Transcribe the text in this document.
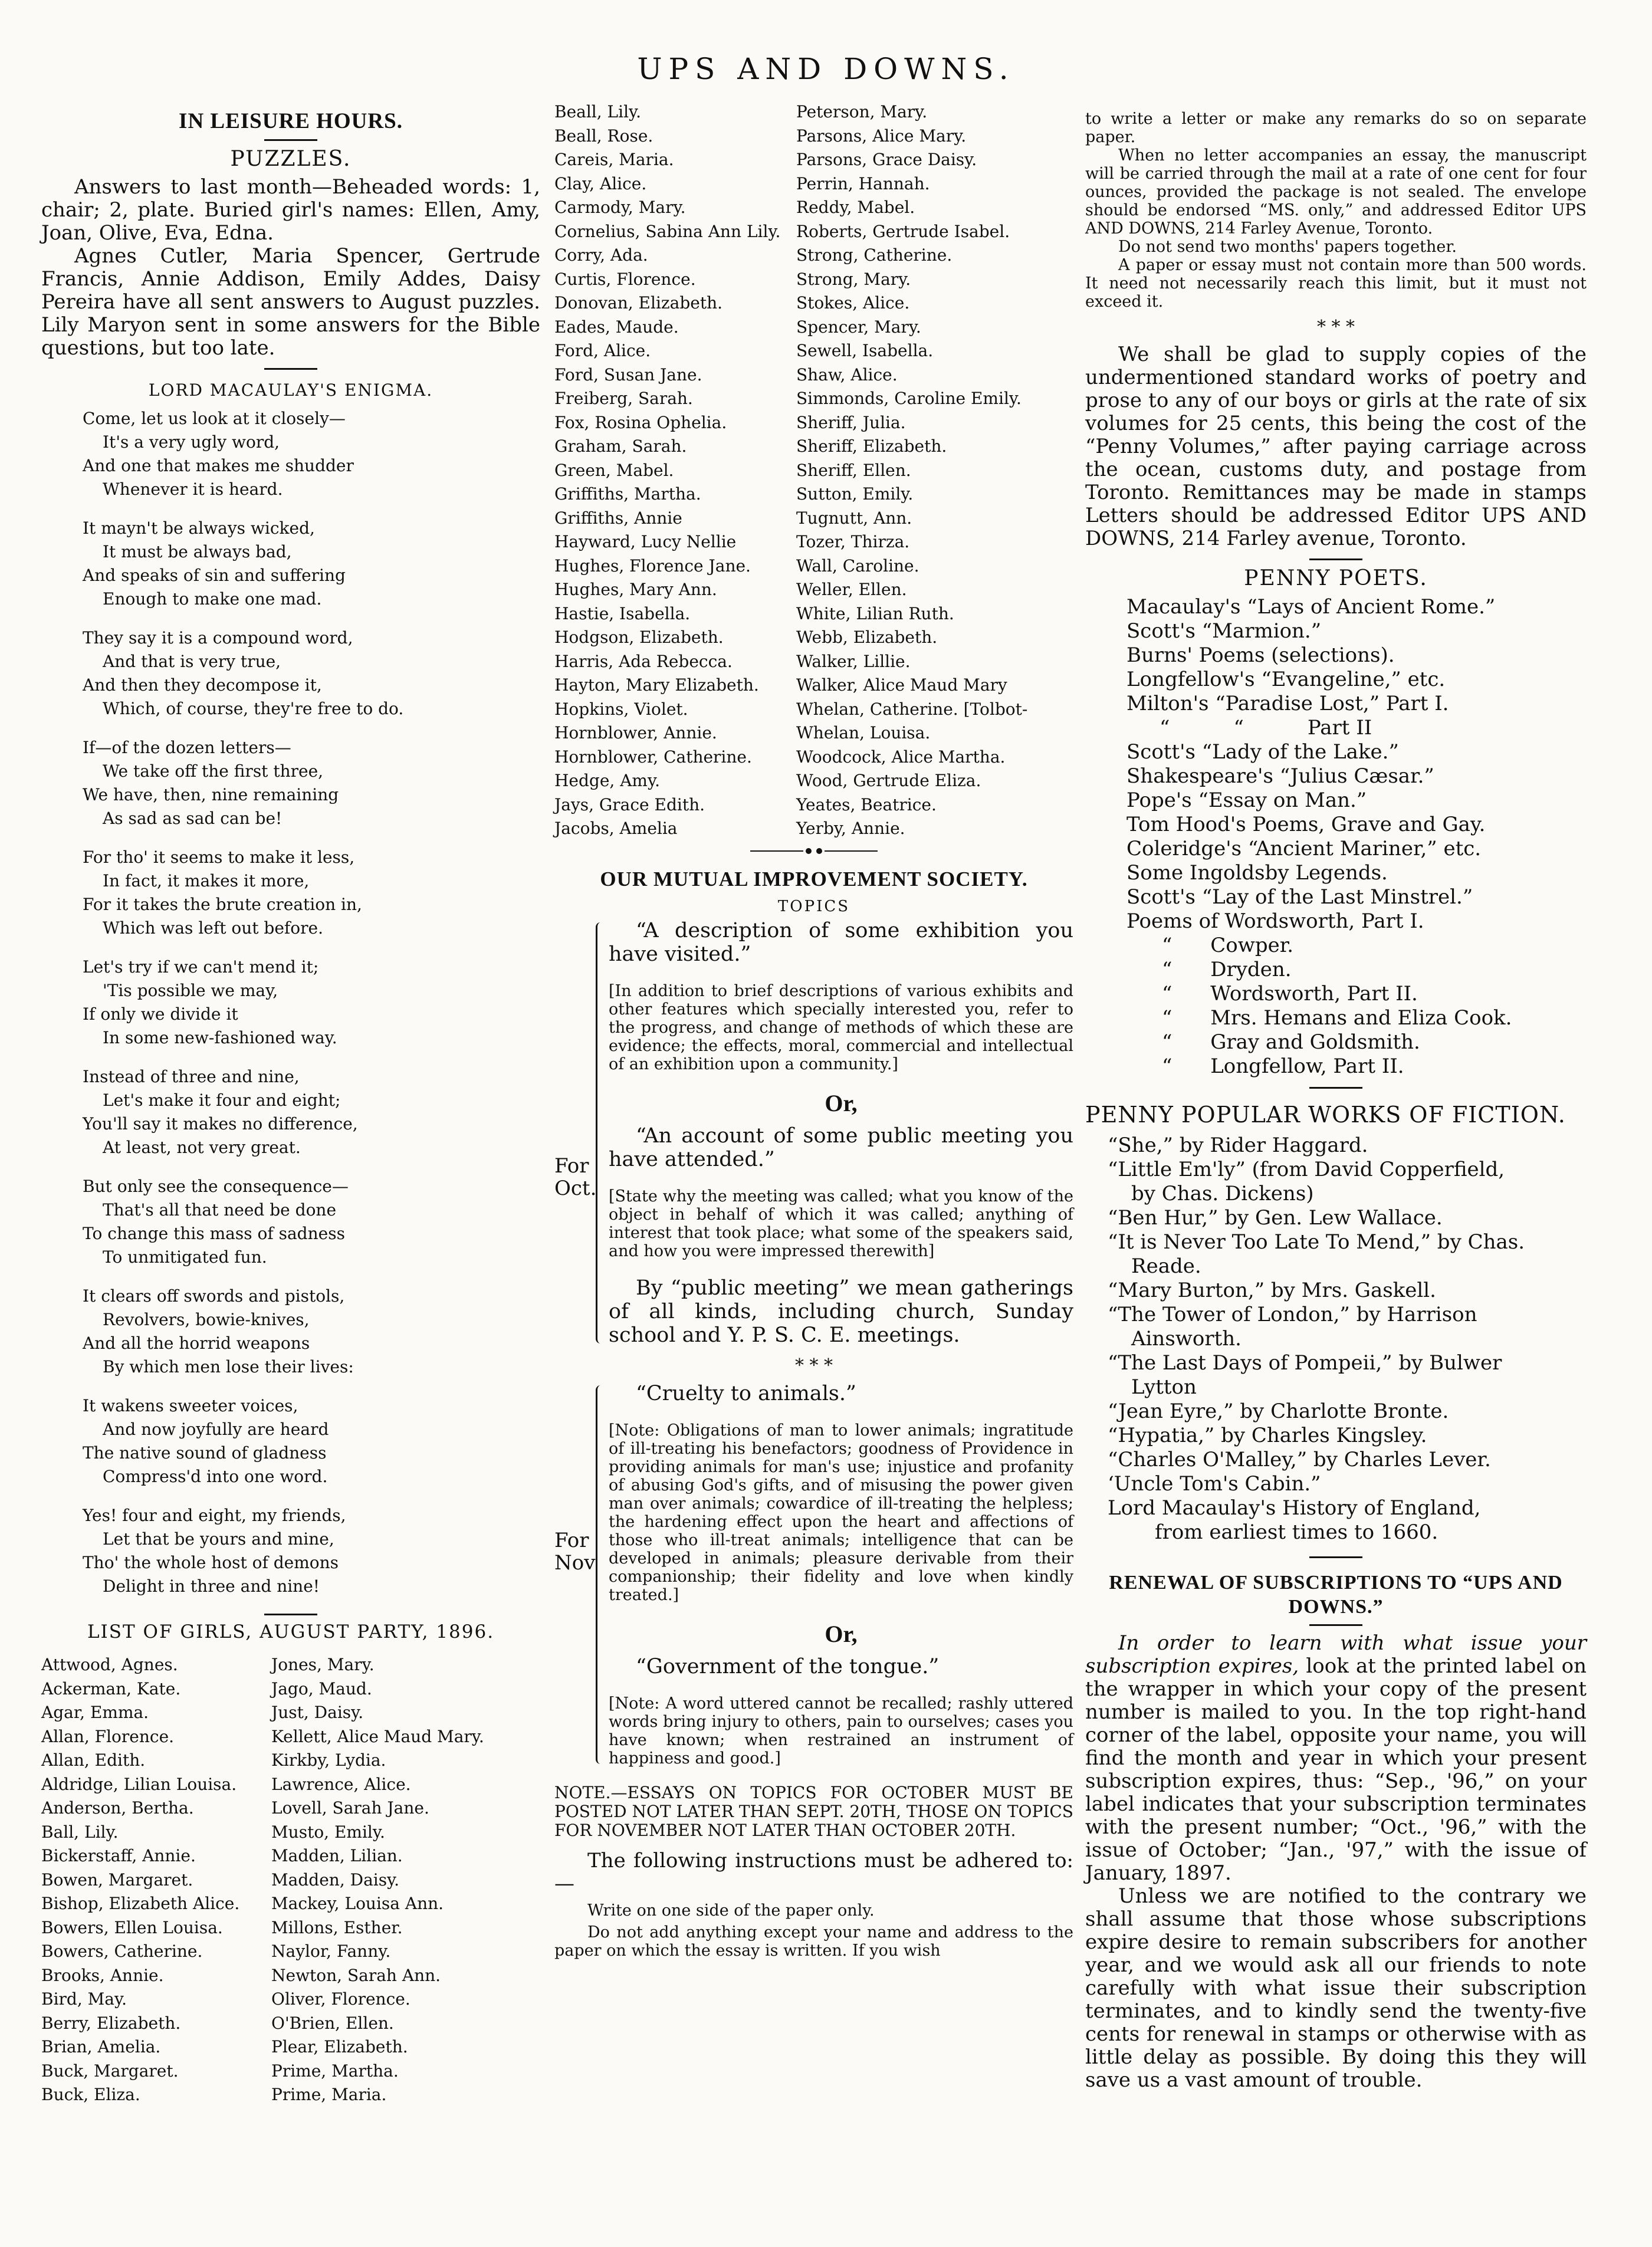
UPS AND DOWNS.
IN LEISURE HOURS.
PUZZLES.

Answers to last month—Beheaded words: 1, chair; 2, plate. Buried girl's names: Ellen, Amy, Joan, Olive, Eva, Edna.

Agnes Cutler, Maria Spencer, Gertrude Francis, Annie Addison, Emily Addes, Daisy Pereira have all sent answers to August puzzles. Lily Maryon sent in some answers for the Bible questions, but too late.

LORD MACAULAY'S ENIGMA.
Come, let us look at it closely—
It's a very ugly word,
And one that makes me shudder
Whenever it is heard.
It mayn't be always wicked,
It must be always bad,
And speaks of sin and suffering
Enough to make one mad.
They say it is a compound word,
And that is very true,
And then they decompose it,
Which, of course, they're free to do.
If—of the dozen letters—
We take off the first three,
We have, then, nine remaining
As sad as sad can be!
For tho' it seems to make it less,
In fact, it makes it more,
For it takes the brute creation in,
Which was left out before.
Let's try if we can't mend it;
'Tis possible we may,
If only we divide it
In some new-fashioned way.
Instead of three and nine,
Let's make it four and eight;
You'll say it makes no difference,
At least, not very great.
But only see the consequence—
That's all that need be done
To change this mass of sadness
To unmitigated fun.
It clears off swords and pistols,
Revolvers, bowie-knives,
And all the horrid weapons
By which men lose their lives:
It wakens sweeter voices,
And now joyfully are heard
The native sound of gladness
Compress'd into one word.
Yes! four and eight, my friends,
Let that be yours and mine,
Tho' the whole host of demons
Delight in three and nine!
LIST OF GIRLS, AUGUST PARTY, 1896.
Attwood, Agnes.
Ackerman, Kate.
Agar, Emma.
Allan, Florence.
Allan, Edith.
Aldridge, Lilian Louisa.
Anderson, Bertha.
Ball, Lily.
Bickerstaff, Annie.
Bowen, Margaret.
Bishop, Elizabeth Alice.
Bowers, Ellen Louisa.
Bowers, Catherine.
Brooks, Annie.
Bird, May.
Berry, Elizabeth.
Brian, Amelia.
Buck, Margaret.
Buck, Eliza.
Jones, Mary.
Jago, Maud.
Just, Daisy.
Kellett, Alice Maud Mary.
Kirkby, Lydia.
Lawrence, Alice.
Lovell, Sarah Jane.
Musto, Emily.
Madden, Lilian.
Madden, Daisy.
Mackey, Louisa Ann.
Millons, Esther.
Naylor, Fanny.
Newton, Sarah Ann.
Oliver, Florence.
O'Brien, Ellen.
Plear, Elizabeth.
Prime, Martha.
Prime, Maria.
Beall, Lily.
Beall, Rose.
Careis, Maria.
Clay, Alice.
Carmody, Mary.
Cornelius, Sabina Ann Lily.
Corry, Ada.
Curtis, Florence.
Donovan, Elizabeth.
Eades, Maude.
Ford, Alice.
Ford, Susan Jane.
Freiberg, Sarah.
Fox, Rosina Ophelia.
Graham, Sarah.
Green, Mabel.
Griffiths, Martha.
Griffiths, Annie
Hayward, Lucy Nellie
Hughes, Florence Jane.
Hughes, Mary Ann.
Hastie, Isabella.
Hodgson, Elizabeth.
Harris, Ada Rebecca.
Hayton, Mary Elizabeth.
Hopkins, Violet.
Hornblower, Annie.
Hornblower, Catherine.
Hedge, Amy.
Jays, Grace Edith.
Jacobs, Amelia
Peterson, Mary.
Parsons, Alice Mary.
Parsons, Grace Daisy.
Perrin, Hannah.
Reddy, Mabel.
Roberts, Gertrude Isabel.
Strong, Catherine.
Strong, Mary.
Stokes, Alice.
Spencer, Mary.
Sewell, Isabella.
Shaw, Alice.
Simmonds, Caroline Emily.
Sheriff, Julia.
Sheriff, Elizabeth.
Sheriff, Ellen.
Sutton, Emily.
Tugnutt, Ann.
Tozer, Thirza.
Wall, Caroline.
Weller, Ellen.
White, Lilian Ruth.
Webb, Elizabeth.
Walker, Lillie.
Walker, Alice Maud Mary
Whelan, Catherine. [Tolbot-
Whelan, Louisa.
Woodcock, Alice Martha.
Wood, Gertrude Eliza.
Yeates, Beatrice.
Yerby, Annie.
OUR MUTUAL IMPROVEMENT SOCIETY.
TOPICS
For
Oct.

“A description of some exhibition you have visited.”

[In addition to brief descriptions of various exhibits and other features which specially interested you, refer to the progress, and change of methods of which these are evidence; the effects, moral, commercial and intellectual of an exhibition upon a community.]

Or,

“An account of some public meeting you have attended.”

[State why the meeting was called; what you know of the object in behalf of which it was called; anything of interest that took place; what some of the speakers said, and how you were impressed therewith]

By “public meeting” we mean gatherings of all kinds, including church, Sunday school and Y. P. S. C. E. meetings.

* * *
For
Nov

“Cruelty to animals.”

[Note: Obligations of man to lower animals; ingratitude of ill-treating his benefactors; goodness of Providence in providing animals for man's use; injustice and profanity of abusing God's gifts, and of misusing the power given man over animals; cowardice of ill-treating the helpless; the hardening effect upon the heart and affections of those who ill-treat animals; intelligence that can be developed in animals; pleasure derivable from their companionship; their fidelity and love when kindly treated.]

Or,

“Government of the tongue.”

[Note: A word uttered cannot be recalled; rashly uttered words bring injury to others, pain to ourselves; cases you have known; when restrained an instrument of happiness and good.]

NOTE.—ESSAYS ON TOPICS FOR OCTOBER MUST BE POSTED NOT LATER THAN SEPT. 20TH, THOSE ON TOPICS FOR NOVEMBER NOT LATER THAN OCTOBER 20TH.

The following instructions must be adhered to:—

Write on one side of the paper only.

Do not add anything except your name and address to the paper on which the essay is written. If you wish

to write a letter or make any remarks do so on separate paper.

When no letter accompanies an essay, the manuscript will be carried through the mail at a rate of one cent for four ounces, provided the package is not sealed. The envelope should be endorsed “MS. only,” and addressed Editor UPS AND DOWNS, 214 Farley Avenue, Toronto.

Do not send two months' papers together.

A paper or essay must not contain more than 500 words. It need not necessarily reach this limit, but it must not exceed it.

* * *

We shall be glad to supply copies of the undermentioned standard works of poetry and prose to any of our boys or girls at the rate of six volumes for 25 cents, this being the cost of the “Penny Volumes,” after paying carriage across the ocean, customs duty, and postage from Toronto. Remittances may be made in stamps Letters should be addressed Editor UPS AND DOWNS, 214 Farley avenue, Toronto.

PENNY POETS.
Macaulay's “Lays of Ancient Rome.”
Scott's “Marmion.”
Burns' Poems (selections).
Longfellow's “Evangeline,” etc.
Milton's “Paradise Lost,” Part I.
“          “          Part II
Scott's “Lady of the Lake.”
Shakespeare's “Julius Cæsar.”
Pope's “Essay on Man.”
Tom Hood's Poems, Grave and Gay.
Coleridge's “Ancient Mariner,” etc.
Some Ingoldsby Legends.
Scott's “Lay of the Last Minstrel.”
Poems of Wordsworth, Part I.
“      Cowper.
“      Dryden.
“      Wordsworth, Part II.
“      Mrs. Hemans and Eliza Cook.
“      Gray and Goldsmith.
“      Longfellow, Part II.
PENNY POPULAR WORKS OF FICTION.
“She,” by Rider Haggard.
“Little Em'ly” (from David Copperfield,
by Chas. Dickens)
“Ben Hur,” by Gen. Lew Wallace.
“It is Never Too Late To Mend,” by Chas.
Reade.
“Mary Burton,” by Mrs. Gaskell.
“The Tower of London,” by Harrison
Ainsworth.
“The Last Days of Pompeii,” by Bulwer
Lytton
“Jean Eyre,” by Charlotte Bronte.
“Hypatia,” by Charles Kingsley.
“Charles O'Malley,” by Charles Lever.
‘Uncle Tom's Cabin.”
Lord Macaulay's History of England,
from earliest times to 1660.
RENEWAL OF SUBSCRIPTIONS TO “UPS AND DOWNS.”

In order to learn with what issue your subscription expires, look at the printed label on the wrapper in which your copy of the present number is mailed to you. In the top right-hand corner of the label, opposite your name, you will find the month and year in which your present subscription expires, thus: “Sep., '96,” on your label indicates that your subscription terminates with the present number; “Oct., '96,” with the issue of October; “Jan., '97,” with the issue of January, 1897.

Unless we are notified to the contrary we shall assume that those whose subscriptions expire desire to remain subscribers for another year, and we would ask all our friends to note carefully with what issue their subscription terminates, and to kindly send the twenty-five cents for renewal in stamps or otherwise with as little delay as possible. By doing this they will save us a vast amount of trouble.
